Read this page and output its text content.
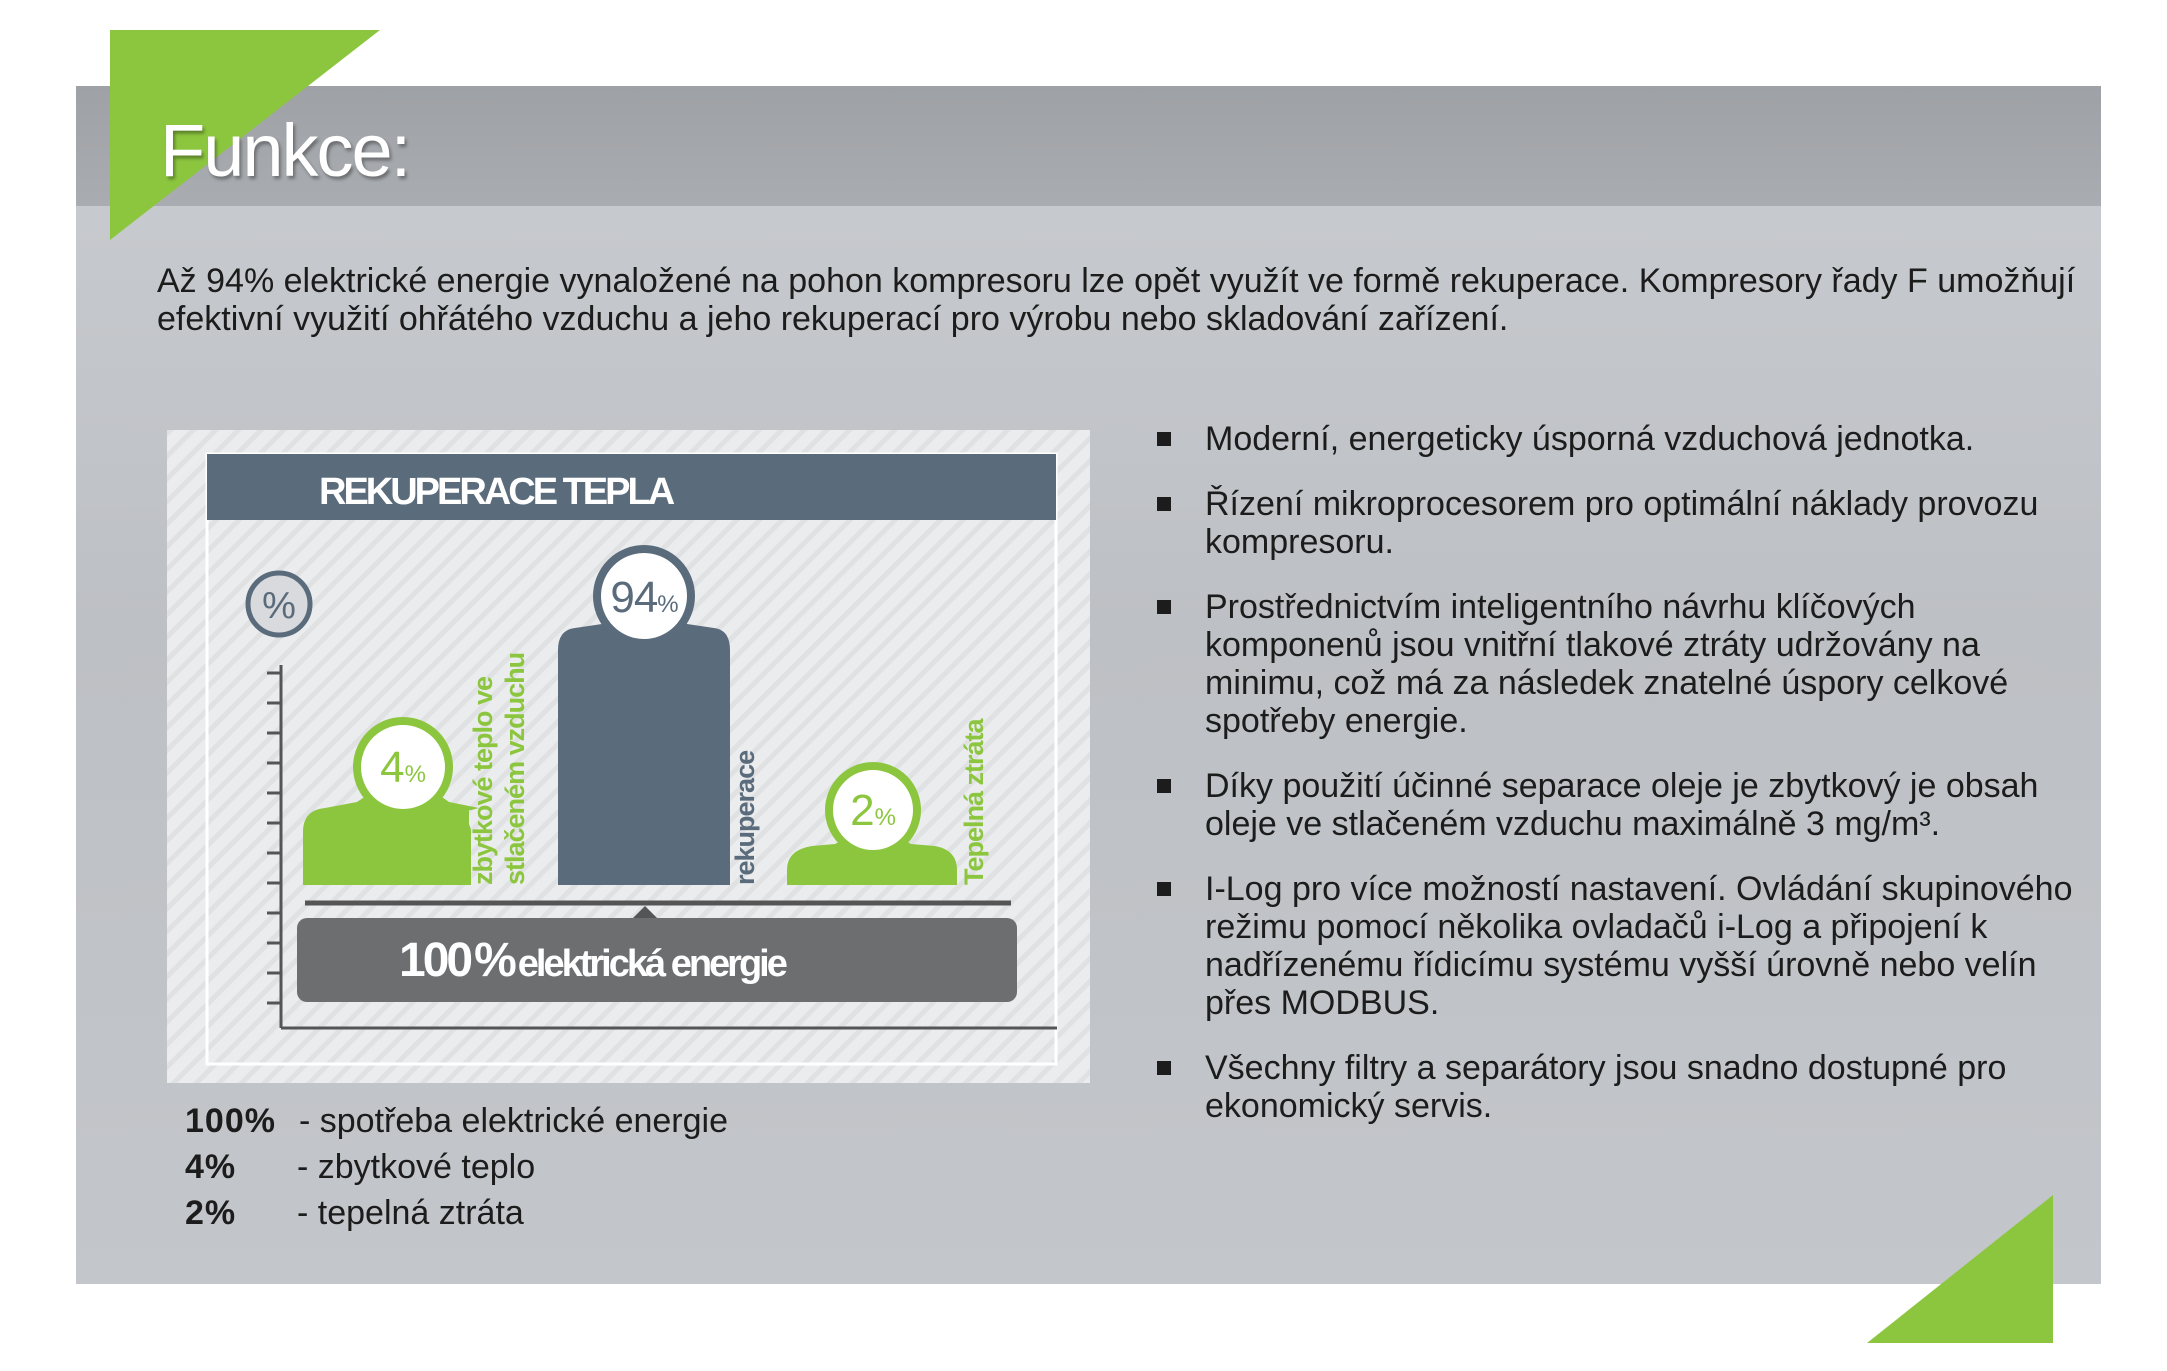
Funkce:

Až 94% elektrické energie vynaložené na pohon kompresoru lze opět využít ve formě rekuperace. Kompresory řady F umožňují efektivní využití ohřátého vzduchu a jeho rekuperací pro výrobu nebo skladování zařízení.

REKUPERACE TEPLA
%
100% elektrická energie
4% zbytkové teplo ve stlačeném vzduchu
94%
rekuperace 2% Tepelná ztráta
100% - spotřeba elektrické energie
4% - zbytkové teplo
2% - tepelná ztráta
Moderní, energeticky úsporná vzduchová jednotka.
Řízení mikroprocesorem pro optimální náklady provozu kompresoru.
Prostřednictvím inteligentního návrhu klíčových komponenů jsou vnitřní tlakové ztráty udržovány na minimu, což má za následek znatelné úspory celkové spotřeby energie.
Díky použití účinné separace oleje je zbytkový je obsah oleje ve stlačeném vzduchu maximálně 3 mg/m³.
I-Log pro více možností nastavení. Ovládání skupinového režimu pomocí několika ovladačů i-Log a připojení k nadřízenému řídicímu systému vyšší úrovně nebo velín přes MODBUS.
Všechny filtry a separátory jsou snadno dostupné pro ekonomický servis.
